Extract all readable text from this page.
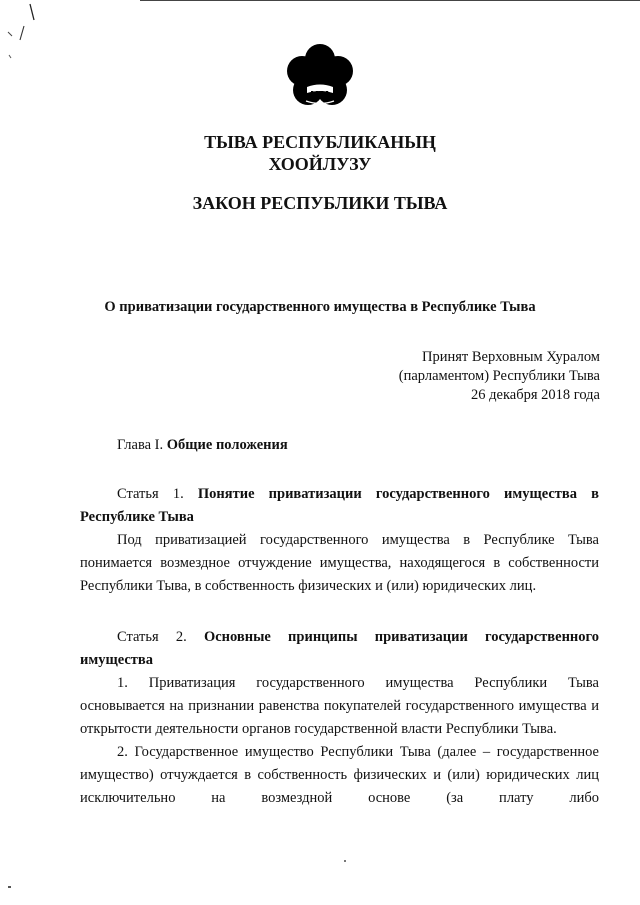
ТЫВА РЕСПУБЛИКАНЫҢ
ХООЙЛУЗУ
ЗАКОН РЕСПУБЛИКИ ТЫВА
О приватизации государственного имущества в Республике Тыва
Принят Верховным Хуралом
(парламентом) Республики Тыва
26 декабря 2018 года
Глава I. Общие положения
Статья 1. Понятие приватизации государственного имущества в
Республике Тыва

Под приватизацией государственного имущества в Республике Тыва понимается возмездное отчуждение имущества, находящегося в собственности Республики Тыва, в собственность физических и (или) юридических лиц.

Статья 2. Основные принципы приватизации государственного
имущества

1. Приватизация государственного имущества Республики Тыва основывается на признании равенства покупателей государственного имущества и открытости деятельности органов государственной власти Республики Тыва.

2. Государственное имущество Республики Тыва (далее – государственное имущество) отчуждается в собственность физических и (или) юридических лиц исключительно на возмездной основе (за плату либо
